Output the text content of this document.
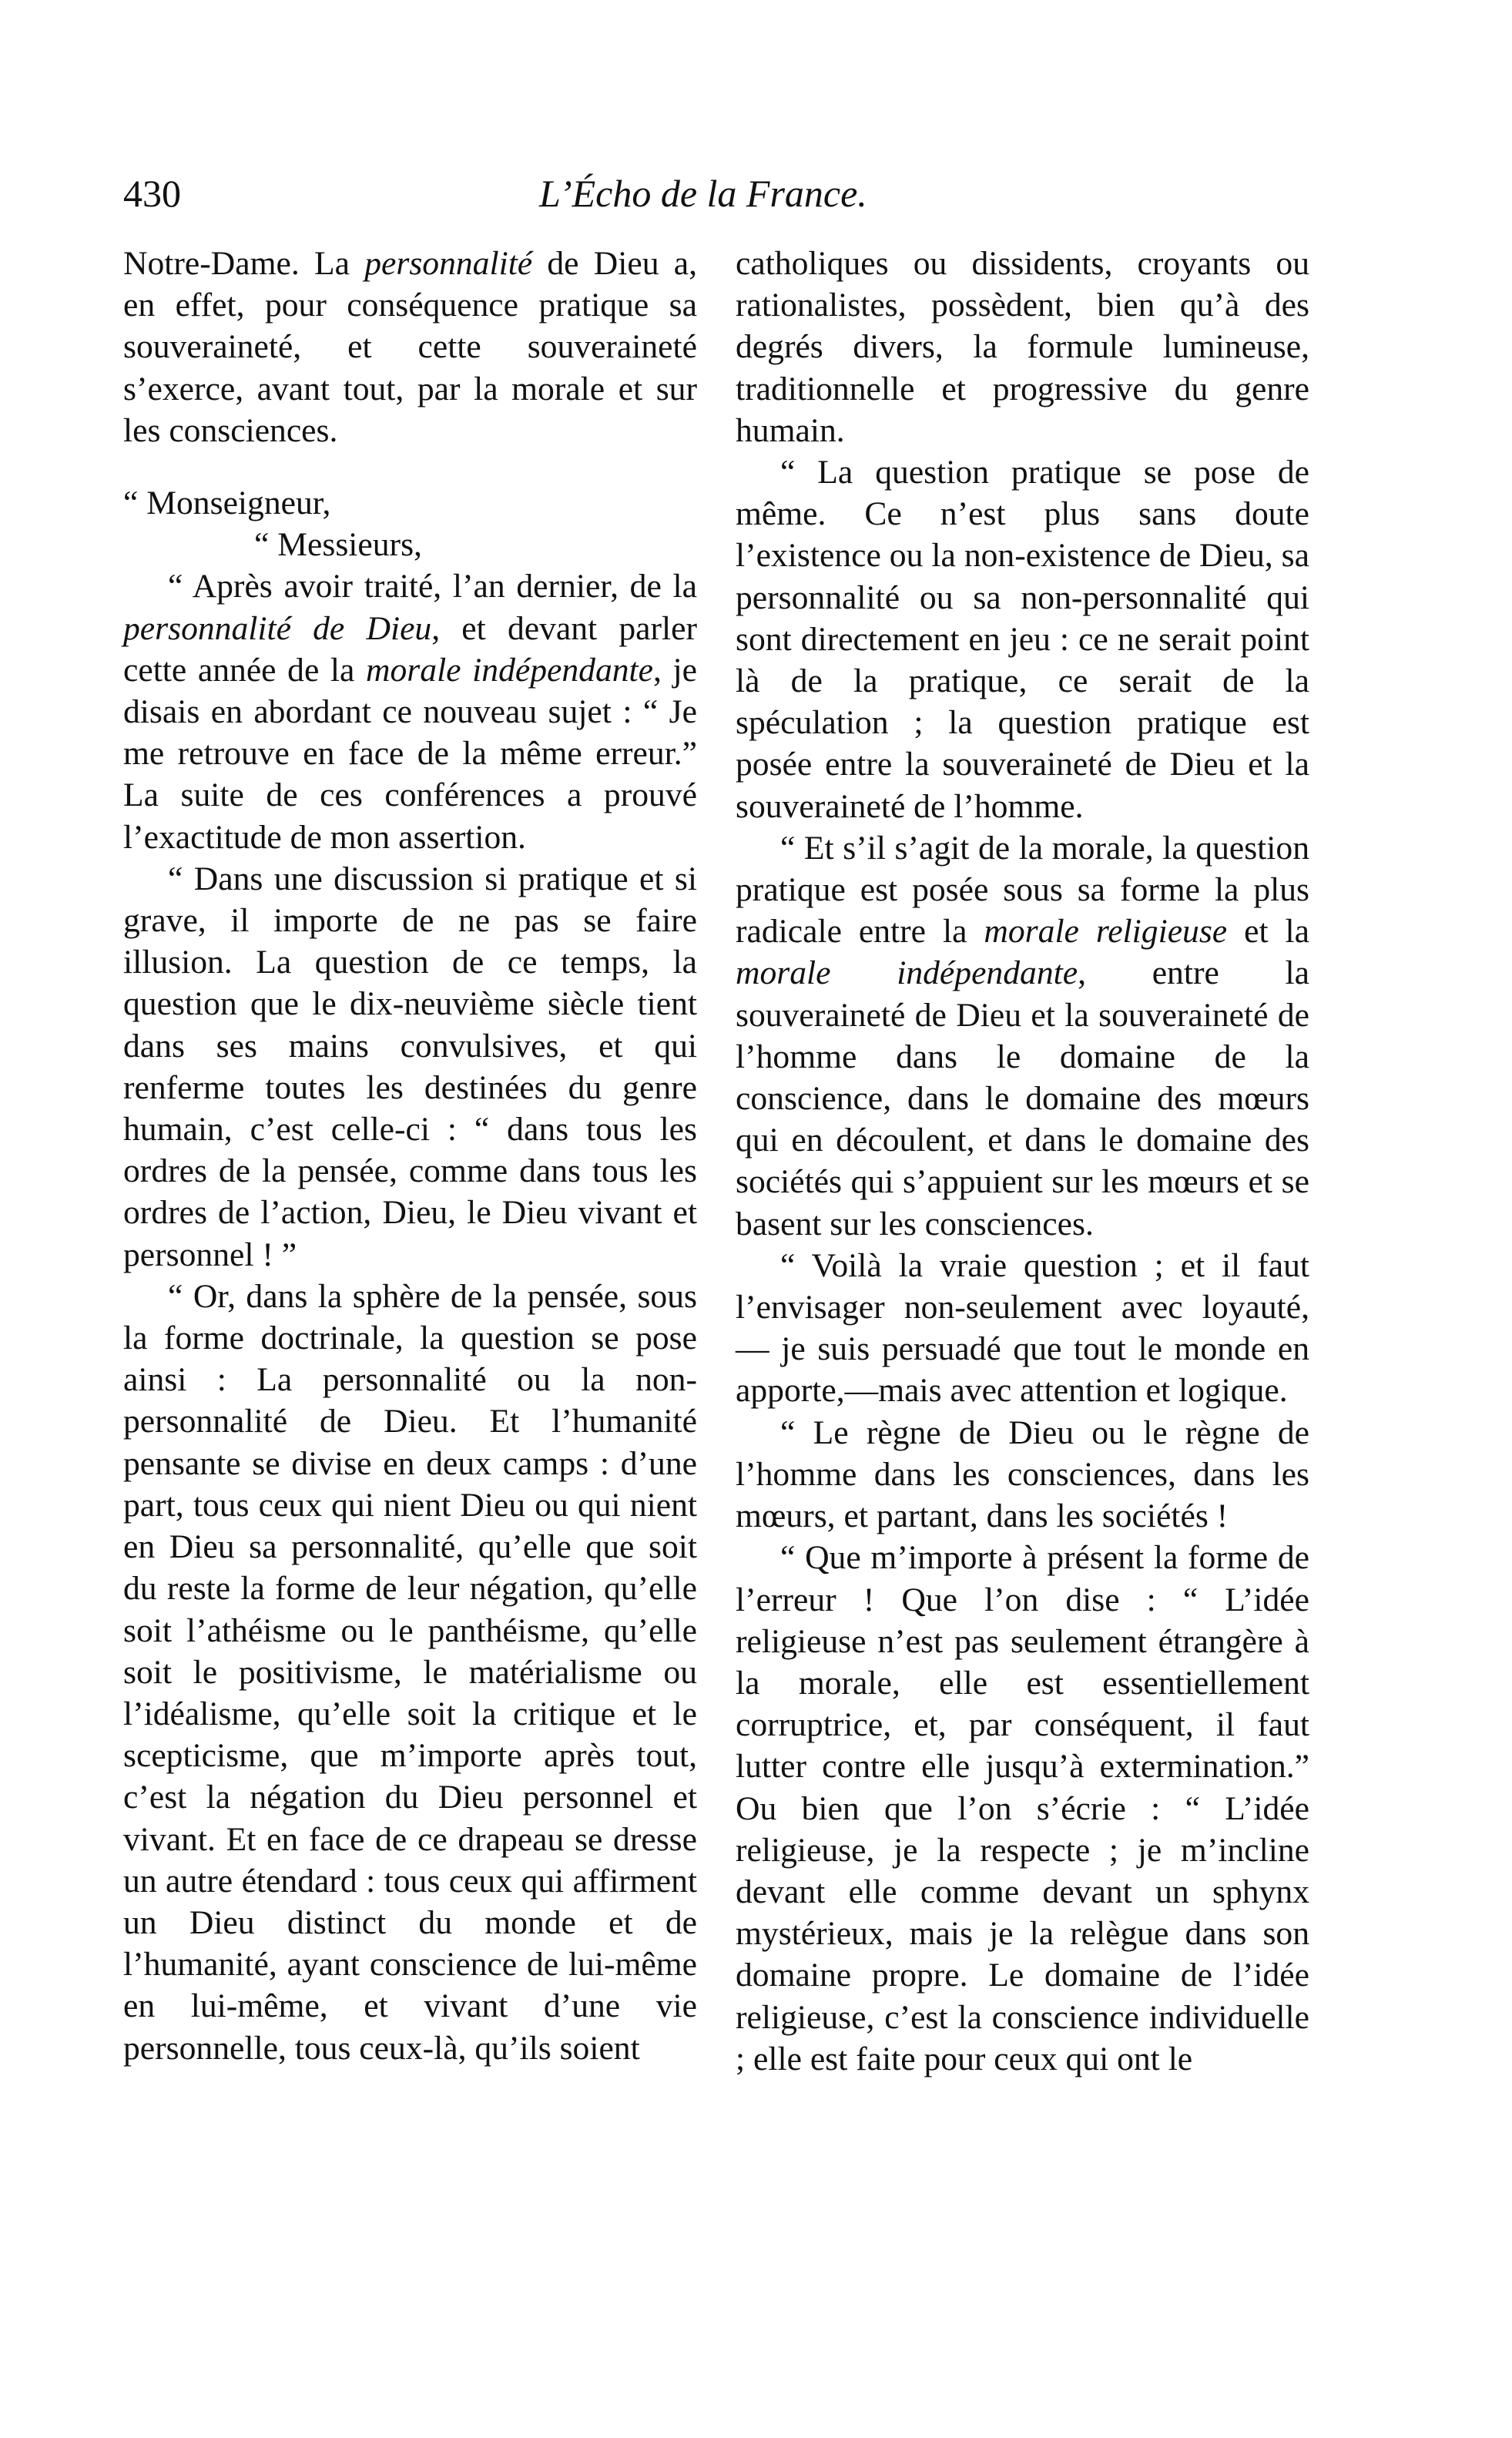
430	L’Écho de la France.

Notre-Dame. La personnalité de Dieu a, en effet, pour conséquence pratique sa souveraineté, et cette souveraineté s’exerce, avant tout, par la morale et sur les consciences.

“ Monseigneur,

“ Messieurs,

“ Après avoir traité, l’an dernier, de la personnalité de Dieu, et devant parler cette année de la morale indépendante, je disais en abordant ce nouveau sujet : “ Je me retrouve en face de la même erreur.” La suite de ces conférences a prouvé l’exactitude de mon assertion.

“ Dans une discussion si pratique et si grave, il importe de ne pas se faire illusion. La question de ce temps, la question que le dix-neuvième siècle tient dans ses mains convulsives, et qui renferme toutes les destinées du genre humain, c’est celle-ci : “ dans tous les ordres de la pensée, comme dans tous les ordres de l’action, Dieu, le Dieu vivant et personnel ! ”

“ Or, dans la sphère de la pensée, sous la forme doctrinale, la question se pose ainsi : La personnalité ou la non-personnalité de Dieu. Et l’humanité pensante se divise en deux camps : d’une part, tous ceux qui nient Dieu ou qui nient en Dieu sa personnalité, qu’elle que soit du reste la forme de leur négation, qu’elle soit l’athéisme ou le panthéisme, qu’elle soit le positivisme, le matérialisme ou l’idéalisme, qu’elle soit la critique et le scepticisme, que m’importe après tout, c’est la négation du Dieu personnel et vivant. Et en face de ce drapeau se dresse un autre étendard : tous ceux qui affirment un Dieu distinct du monde et de l’humanité, ayant conscience de lui-même en lui-même, et vivant d’une vie personnelle, tous ceux-là, qu’ils soient

catholiques ou dissidents, croyants ou rationalistes, possèdent, bien qu’à des degrés divers, la formule lumineuse, traditionnelle et progressive du genre humain.

“ La question pratique se pose de même. Ce n’est plus sans doute l’existence ou la non-existence de Dieu, sa personnalité ou sa non-personnalité qui sont directement en jeu : ce ne serait point là de la pratique, ce serait de la spéculation ; la question pratique est posée entre la souveraineté de Dieu et la souveraineté de l’homme.

“ Et s’il s’agit de la morale, la question pratique est posée sous sa forme la plus radicale entre la morale religieuse et la morale indépendante, entre la souveraineté de Dieu et la souveraineté de l’homme dans le domaine de la conscience, dans le domaine des mœurs qui en découlent, et dans le domaine des sociétés qui s’appuient sur les mœurs et se basent sur les consciences.

“ Voilà la vraie question ; et il faut l’envisager non-seulement avec loyauté, — je suis persuadé que tout le monde en apporte,—mais avec attention et logique.

“ Le règne de Dieu ou le règne de l’homme dans les consciences, dans les mœurs, et partant, dans les sociétés !

“ Que m’importe à présent la forme de l’erreur ! Que l’on dise : “ L’idée religieuse n’est pas seulement étrangère à la morale, elle est essentiellement corruptrice, et, par conséquent, il faut lutter contre elle jusqu’à extermination.” Ou bien que l’on s’écrie : “ L’idée religieuse, je la respecte ; je m’incline devant elle comme devant un sphynx mystérieux, mais je la relègue dans son domaine propre. Le domaine de l’idée religieuse, c’est la conscience individuelle ; elle est faite pour ceux qui ont le
